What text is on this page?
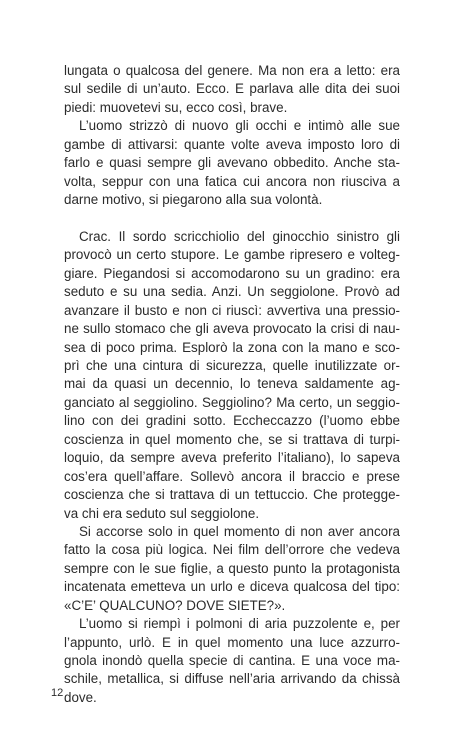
lungata o qualcosa del genere. Ma non era a letto: era
sul sedile di un’auto. Ecco. E parlava alle dita dei suoi
piedi: muovetevi su, ecco così, brave.
L’uomo strizzò di nuovo gli occhi e intimò alle sue
gambe di attivarsi: quante volte aveva imposto loro di
farlo e quasi sempre gli avevano obbedito. Anche sta-
volta, seppur con una fatica cui ancora non riusciva a
darne motivo, si piegarono alla sua volontà.
Crac. Il sordo scricchiolio del ginocchio sinistro gli
provocò un certo stupore. Le gambe ripresero e volteg-
giare. Piegandosi si accomodarono su un gradino: era
seduto e su una sedia. Anzi. Un seggiolone. Provò ad
avanzare il busto e non ci riuscì: avvertiva una pressio-
ne sullo stomaco che gli aveva provocato la crisi di nau-
sea di poco prima. Esplorò la zona con la mano e sco-
prì che una cintura di sicurezza, quelle inutilizzate or-
mai da quasi un decennio, lo teneva saldamente ag-
ganciato al seggiolino. Seggiolino? Ma certo, un seggio-
lino con dei gradini sotto. Eccheccazzo (l’uomo ebbe
coscienza in quel momento che, se si trattava di turpi-
loquio, da sempre aveva preferito l’italiano), lo sapeva
cos’era quell’affare. Sollevò ancora il braccio e prese
coscienza che si trattava di un tettuccio. Che protegge-
va chi era seduto sul seggiolone.
Si accorse solo in quel momento di non aver ancora
fatto la cosa più logica. Nei film dell’orrore che vedeva
sempre con le sue figlie, a questo punto la protagonista
incatenata emetteva un urlo e diceva qualcosa del tipo:
«C’E’ QUALCUNO? DOVE SIETE?».
L’uomo si riempì i polmoni di aria puzzolente e, per
l’appunto, urlò. E in quel momento una luce azzurro-
gnola inondò quella specie di cantina. E una voce ma-
schile, metallica, si diffuse nell’aria arrivando da chissà
dove.
12
